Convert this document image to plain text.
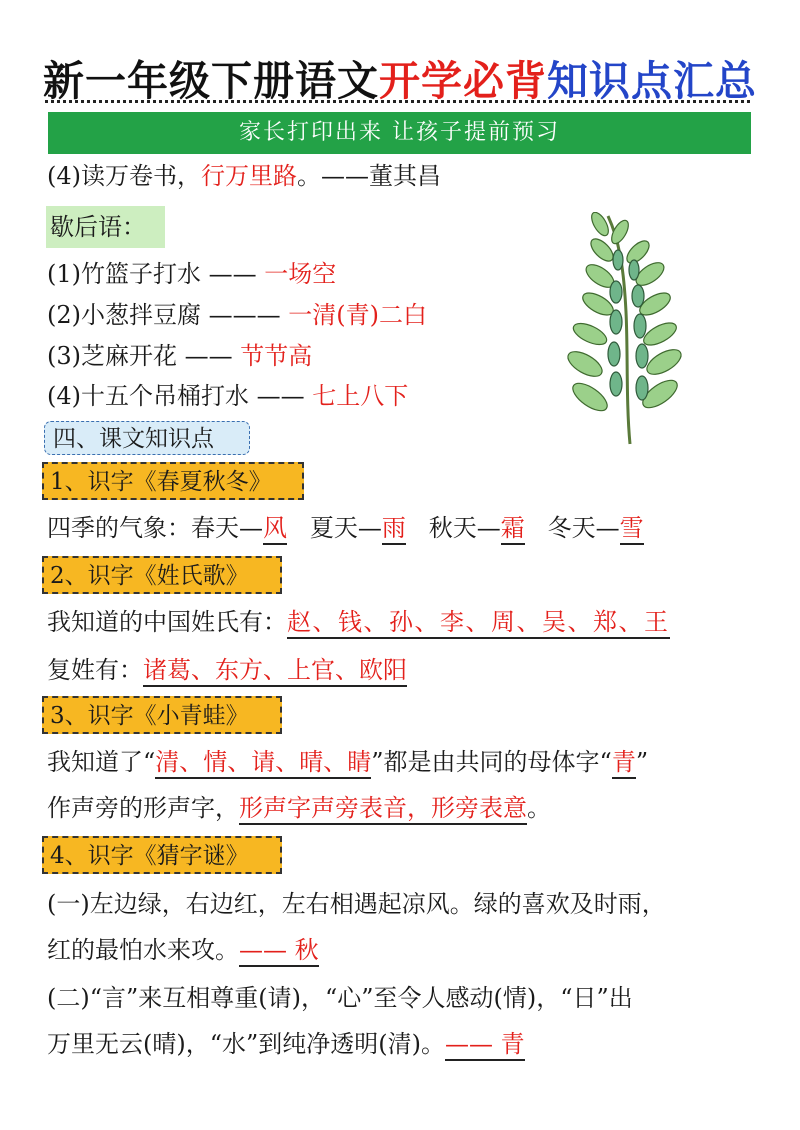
新一年级下册语文开学必背知识点汇总
家长打印出来 让孩子提前预习
(4)读万卷书，行万里路。——董其昌
歇后语：
(1)竹篮子打水 —— 一场空
(2)小葱拌豆腐 ——— 一清(青)二白
(3)芝麻开花 —— 节节高
(4)十五个吊桶打水 —— 七上八下
四、课文知识点
1、识字《春夏秋冬》
四季的气象：春天—风 夏天—雨 秋天—霜 冬天—雪
2、识字《姓氏歌》
我知道的中国姓氏有：赵、钱、孙、李、周、吴、郑、王
复姓有：诸葛、东方、上官、欧阳
3、识字《小青蛙》
我知道了“清、情、请、晴、睛”都是由共同的母体字“青”
作声旁的形声字，形声字声旁表音，形旁表意。
4、识字《猜字谜》
(一)左边绿，右边红，左右相遇起凉风。绿的喜欢及时雨，
红的最怕水来攻。—— 秋
(二)“言”来互相尊重(请)，“心”至令人感动(情)，“日”出
万里无云(晴)，“水”到纯净透明(清)。—— 青
